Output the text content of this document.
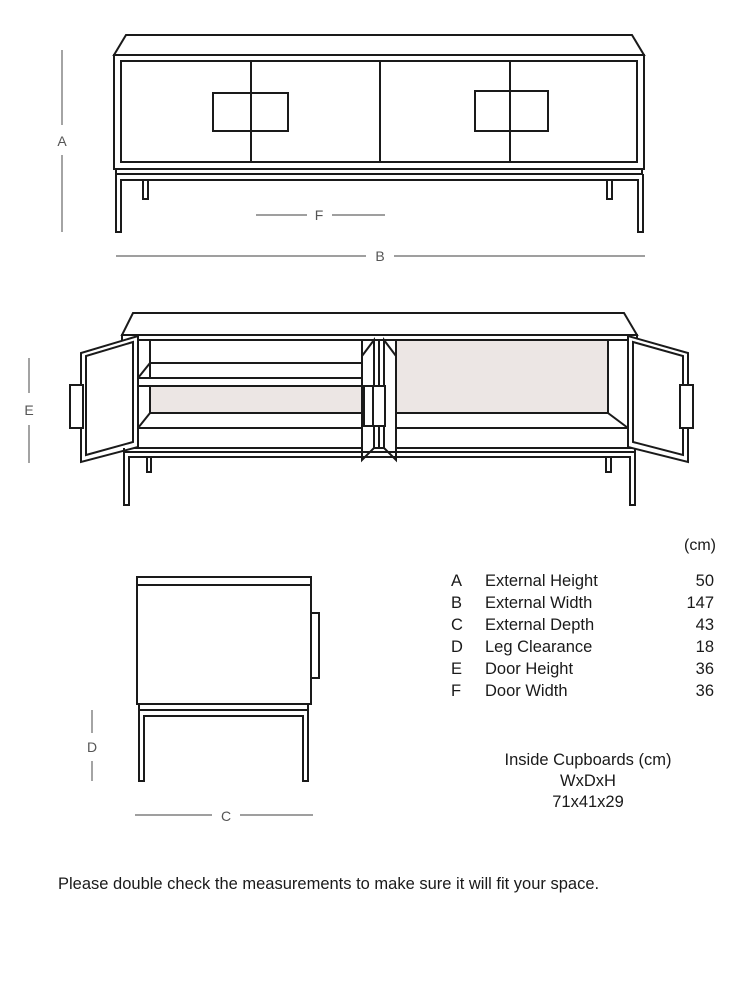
A
F
B
E
D
C
(cm)
A External Height	50
B External Width	147
C External Depth	43
D Leg Clearance	18
E Door Height	36
F Door Width	36
Inside Cupboards (cm)
WxDxH
71x41x29
Please double check the measurements to make sure it will fit your space.
